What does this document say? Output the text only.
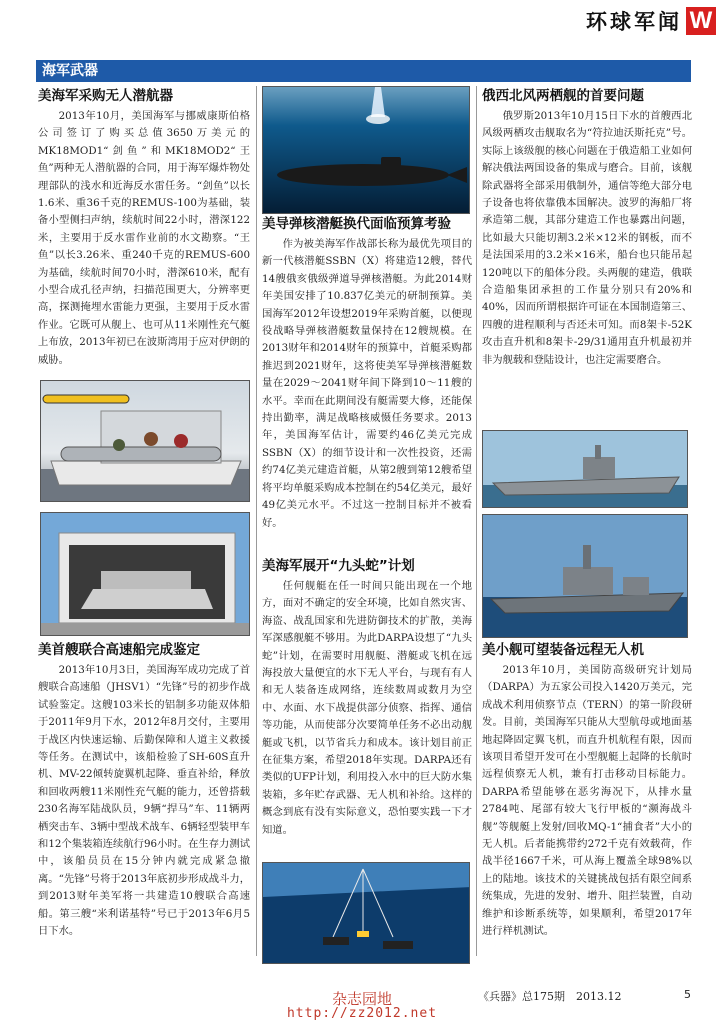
环球军闻 W
海军武器
美海军采购无人潜航器

2013年10月，美国海军与挪威康斯伯格公司签订了购买总值3650万美元的MK18MOD1“剑鱼”和MK18MOD2“王鱼”两种无人潜航器的合同，用于海军爆炸物处理部队的浅水和近海反水雷任务。“剑鱼”以长1.6米、重36千克的REMUS-100为基础，装备小型侧扫声纳，续航时间22小时，潜深122米，主要用于反水雷作业前的水文勘察。“王鱼”以长3.26米、重240千克的REMUS-600为基础，续航时间70小时，潜深610米，配有小型合成孔径声纳，扫描范围更大，分辨率更高，探测掩埋水雷能力更强，主要用于反水雷作业。它既可从舰上、也可从11米刚性充气艇上布放，2013年初已在波斯湾用于应对伊朗的威胁。

美首艘联合高速船完成鉴定

2013年10月3日，美国海军成功完成了首艘联合高速船（JHSV1）“先锋”号的初步作战试验鉴定。这艘103米长的铝制多功能双体船于2011年9月下水，2012年8月交付，主要用于战区内快速运输、后勤保障和人道主义救援等任务。在测试中，该船检验了SH-60S直升机、MV-22倾转旋翼机起降、垂直补给，释放和回收两艘11米刚性充气艇的能力，还曾搭载230名海军陆战队员，9辆“捍马”车、11辆两栖突击车、3辆中型战术战车、6辆轻型装甲车和12个集装箱连续航行96小时。在生存力测试中，该船员员在15分钟内就完成紧急撤离。“先锋”号将于2013年底初步形成战斗力，到2013财年美军将一共建造10艘联合高速船。第三艘“米利诺基特”号已于2013年6月5日下水。

美导弹核潜艇换代面临预算考验

作为被美海军作战部长称为最优先项目的新一代核潜艇SSBN（X）将建造12艘，替代14艘俄亥俄级弹道导弹核潜艇。为此2014财年美国安排了10.837亿美元的研制预算。美国海军2012年设想2019年采购首艇，以便现役战略导弹核潜艇数量保持在12艘规模。在2013财年和2014财年的预算中，首艇采购都推迟到2021财年，这将使美军导弹核潜艇数量在2029～2041财年间下降到10～11艘的水平。幸而在此期间没有艇需要大修，还能保持出勤率，满足战略核威慑任务要求。2013年，美国海军估计，需要约46亿美元完成SSBN（X）的细节设计和一次性投资，还需约74亿美元建造首艇，从第2艘到第12艘希望将平均单艇采购成本控制在约54亿美元，最好49亿美元水平。不过这一控制目标并不被看好。

美海军展开“九头蛇”计划

任何舰艇在任一时间只能出现在一个地方，面对不确定的安全环境，比如自然灾害、海盗、战乱国家和先进防御技术的扩散，美海军深感舰艇不够用。为此DARPA设想了“九头蛇”计划，在需要时用舰艇、潜艇或飞机在远海投放大量便宜的水下无人平台，与现有有人和无人装备连成网络，连续数周或数月为空中、水面、水下战提供部分侦察、指挥、通信等功能，从而使部分次要简单任务不必出动舰艇或飞机，以节省兵力和成本。该计划目前正在征集方案，希望2018年实现。DARPA还有类似的UFP计划，利用投入水中的巨大防水集装箱，多年贮存武器、无人机和补给。这样的概念到底有没有实际意义，恐怕要实践一下才知道。

俄西北风两栖舰的首要问题

俄罗斯2013年10月15日下水的首艘西北风级两栖攻击舰取名为“符拉迪沃斯托克”号。实际上该级舰的核心问题在于俄造船工业如何解决俄法两国设备的集成与磨合。目前，该舰除武器将全部采用俄制外，通信等绝大部分电子设备也将依靠俄本国解决。波罗的海船厂将承造第二舰，其部分建造工作也暴露出问题，比如最大只能切割3.2米×12米的钢板，而不是法国采用的3.2米×16米，船台也只能吊起120吨以下的船体分段。头两舰的建造，俄联合造船集团承担的工作量分别只有20%和40%，因而所谓根据许可证在本国制造第三、四艘的进程顺利与否还未可知。而8架卡-52K攻击直升机和8架卡-29/31通用直升机最初并非为舰载和登陆设计，也注定需要磨合。

美小舰可望装备远程无人机

2013年10月，美国防高级研究计划局（DARPA）为五家公司投入1420万美元，完成战术利用侦察节点（TERN）的第一阶段研发。目前，美国海军只能从大型航母或地面基地起降固定翼飞机，而直升机航程有限，因而该项目希望开发可在小型舰艇上起降的长航时远程侦察无人机，兼有打击移动目标能力。DARPA希望能够在恶劣海况下，从排水量2784吨、尾部有较大飞行甲板的“濒海战斗舰”等舰艇上发射/回收MQ-1“捕食者”大小的无人机。后者能携带约272千克有效载荷，作战半径1667千米，可从海上覆盖全球98%以上的陆地。该技术的关键挑战包括有限空间系统集成，先进的发射、增升、阻拦装置，自动维护和诊断系统等，如果顺利，希望2017年进行样机测试。

杂志园地
http://zz2012.net
《兵器》总175期　2013.12	5
